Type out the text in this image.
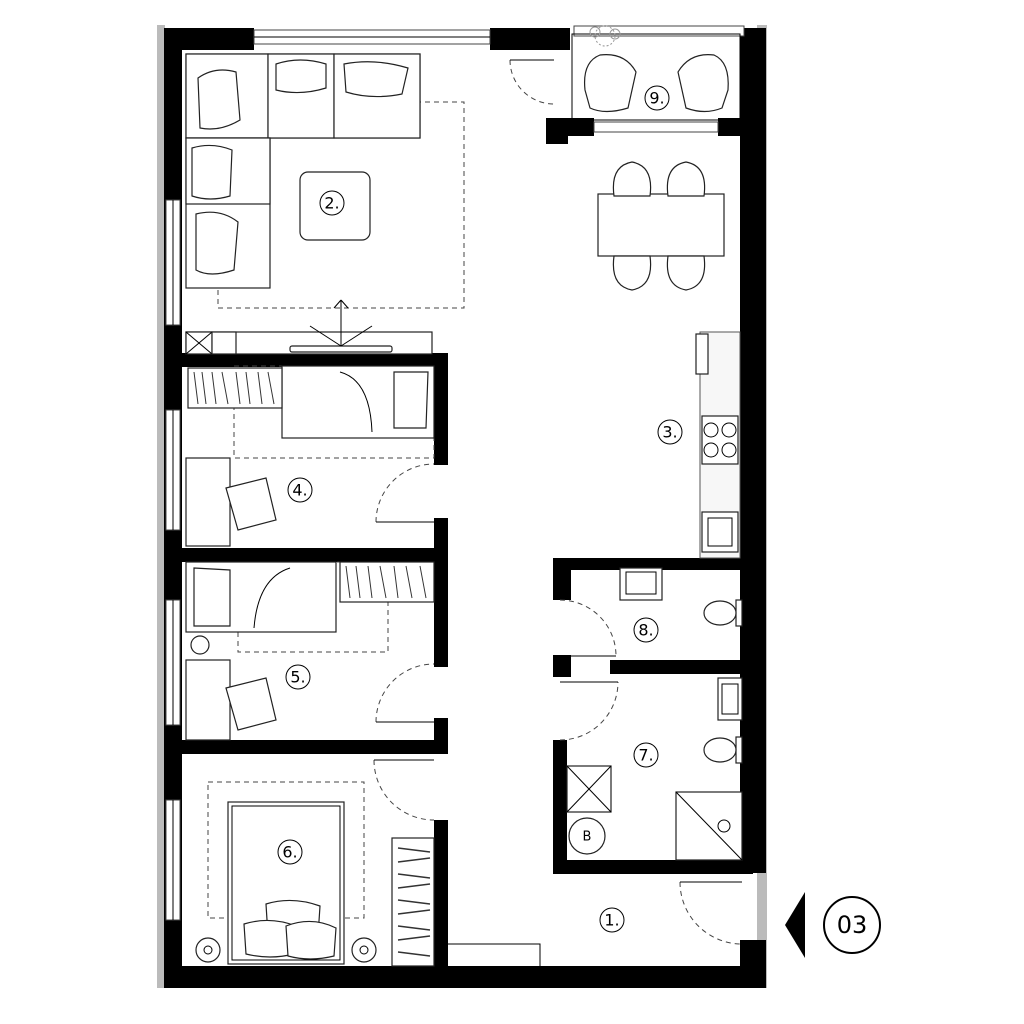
B
1.
2.
3.
4.
5.
6.
7.
8.
9.
03
